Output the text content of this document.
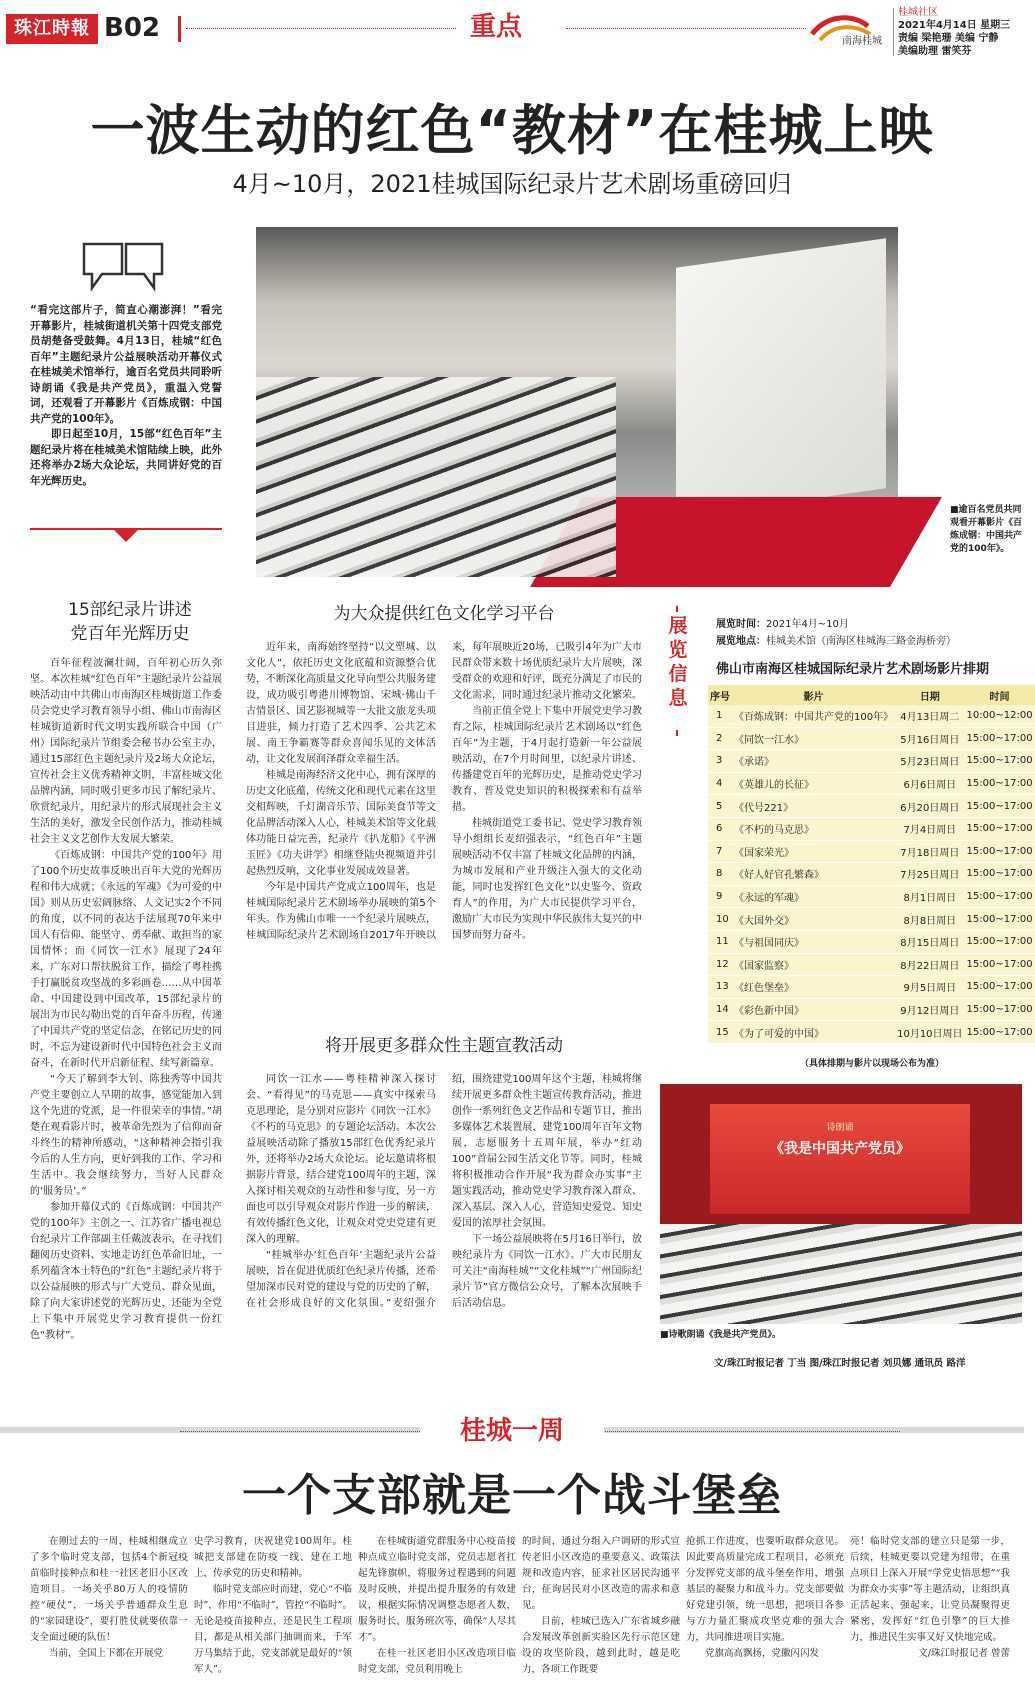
珠江時報 B02	重点	南海桂城
桂城社区
2021年4月14日 星期三
责编 梁艳珊 美编 宁静
美编助理 雷笑芬
一波生动的红色“教材”在桂城上映
4月~10月，2021桂城国际纪录片艺术剧场重磅回归
“看完这部片子，简直心潮澎湃！”看完开幕影片，桂城街道机关第十四党支部党员胡楚备受鼓舞。4月13日，桂城“红色百年”主题纪录片公益展映活动开幕仪式在桂城美术馆举行，逾百名党员共同聆听诗朗诵《我是共产党员》，重温入党誓词，还观看了开幕影片《百炼成钢：中国共产党的100年》。
即日起至10月，15部“红色百年”主题纪录片将在桂城美术馆陆续上映，此外还将举办2场大众论坛，共同讲好党的百年光辉历史。
■逾百名党员共同观看开幕影片《百炼成钢：中国共产党的100年》。
15部纪录片讲述
党百年光辉历史

百年征程波澜壮阔，百年初心历久弥坚。本次桂城“红色百年”主题纪录片公益展映活动由中共佛山市南海区桂城街道工作委员会党史学习教育领导小组、佛山市南海区桂城街道新时代文明实践所联合中国（广州）国际纪录片节组委会秘书办公室主办，通过15部红色主题纪录片及2场大众论坛，宣传社会主义优秀精神文明，丰富桂城文化品牌内涵，同时吸引更多市民了解纪录片、欣赏纪录片，用纪录片的形式展现社会主义生活的美好，激发全民创作活力，推动桂城社会主义文艺创作大发展大繁荣。

《百炼成钢：中国共产党的100年》用了100个历史故事反映出百年大党的光辉历程和伟大成就；《永远的军魂》《为可爱的中国》则从历史宏阔脉络、人文记实2个不同的角度，以不同的表达手法展现70年来中国人有信仰、能坚守、勇奉献、敢担当的家国情怀；而《同饮一江水》展现了24年来，广东对口帮扶脱贫工作，描绘了粤桂携手打赢脱贫攻坚战的多彩画卷……从中国革命、中国建设到中国改革，15部纪录片的展出为市民勾勒出党的百年奋斗历程，传递了中国共产党的坚定信念，在铭记历史的同时，不忘为建设新时代中国特色社会主义而奋斗，在新时代开启新征程、续写新篇章。

“今天了解到李大钊、陈独秀等中国共产党主要创立人早期的故事，感觉能加入到这个先进的党派，是一件很荣幸的事情。”胡楚在观看影片时，被革命先烈为了信仰而奋斗终生的精神所感动，“这种精神会指引我今后的人生方向，更好到我的工作、学习和生活中。我会继续努力，当好人民群众的‘服务员’。”

参加开幕仪式的《百炼成钢：中国共产党的100年》主创之一、江苏省广播电视总台纪录片工作部副主任戴波表示，在寻找们翻阅历史资料、实地走访红色革命旧址，一系列蕴含本土特色的“红色”主题纪录片将于以公益展映的形式与广大党员、群众见面，除了向大家讲述党的光辉历史，还能为全党上下集中开展党史学习教育提供一份红色“教材”。

为大众提供红色文化学习平台

近年来，南海始终坚持“以文塑城、以文化人”，依托历史文化底蕴和资源整合优势，不断深化高质量文化导向型公共服务建设，成功吸引粤港川博物馆、宋城·佛山千古情景区、国艺影视城等一大批文旅龙头项目进驻，倾力打造了艺术四季、公共艺术展、南王争霸赛等群众喜闻乐见的文体活动，让文化发展润泽群众幸福生活。

桂城是南海经济文化中心，拥有深厚的历史文化底蕴，传统文化和现代元素在这里交相辉映，千灯湖音乐节、国际美食节等文化品牌活动深入人心，桂城美术馆等文化载体功能日益完善，纪录片《扒龙船》《平洲玉匠》《功夫讲学》相继登陆央视频道并引起热烈反响，文化事业发展成效显著。

今年是中国共产党成立100周年，也是桂城国际纪录片艺术剧场举办展映的第5个年头。作为佛山市唯一一个纪录片展映点，桂城国际纪录片艺术剧场自2017年开映以来，每年展映近20场，已吸引4年为广大市民群众带来数十场优质纪录片大片展映，深受群众的欢迎和好评，既充分满足了市民的文化需求，同时通过纪录片推动文化繁荣。

当前正值全党上下集中开展党史学习教育之际，桂城国际纪录片艺术剧场以“红色百年”为主题，于4月起打造新一年公益展映活动，在7个月时间里，以纪录片讲述、传播建党百年的光辉历史，是推动党史学习教育、普及党史知识的积极探索和有益举措。

桂城街道党工委书记、党史学习教育领导小组组长麦绍强表示，“红色百年”主题展映活动不仅丰富了桂城文化品牌的内涵，为城市发展和产业升级注入强大的文化动能，同时也发挥红色文化“以史鉴今、资政育人”的作用，为广大市民提供学习平台，激励广大市民为实现中华民族伟大复兴的中国梦而努力奋斗。

将开展更多群众性主题宣教活动

同饮一江水——粤桂精神深入探讨会、“看得见”的马克思——真实中探索马克思理论，是分别对应影片《同饮一江水》《不朽的马克思》的专题论坛活动。本次公益展映活动除了播放15部红色优秀纪录片外，还将举办2场大众论坛。论坛邀请将根据影片背景，结合建党100周年的主题，深入探讨相关观众的互动性和参与度，另一方面也可以引导观众对影片作进一步的解读，有效传播红色文化，让观众对党史党建有更深入的理解。

“桂城举办‘红色百年’主题纪录片公益展映，旨在促进优质红色纪录片传播，还希望加深市民对党的建设与党的历史的了解，在社会形成良好的文化氛围。”麦绍强介绍，围绕建党100周年这个主题，桂城将继续开展更多群众性主题宣传教育活动，推进创作一系列红色文艺作品和专题节目，推出多媒体艺术装置展，建党100周年百年文物展，志愿服务十五周年展，举办“红动100”首届公园生活文化节等。同时，桂城将积极推动合作开展“我为群众办实事”主题实践活动，推动党史学习教育深入群众、深入基层、深入人心，营造知史爱党、知史爱国的浓厚社会氛围。

下一场公益展映将在5月16日举行，放映纪录片为《同饮一江水》。广大市民朋友可关注“南海桂城”“文化桂城”“广州国际纪录片节”官方微信公众号，了解本次展映手后活动信息。

展览信息
展览时间：2021年4月~10月
展览地点：桂城美术馆（南海区桂城海三路金海桥旁）
佛山市南海区桂城国际纪录片艺术剧场影片排期
序号	影片	日期	时间
1	《百炼成钢：中国共产党的100年》	4月13日周二	10:00~12:00
2	《同饮一江水》	5月16日周日	15:00~17:00
3	《承诺》	5月23日周日	15:00~17:00
4	《英雄儿的长征》	6月6日周日	15:00~17:00
5	《代号221》	6月20日周日	15:00~17:00
6	《不朽的马克思》	7月4日周日	15:00~17:00
7	《国家荣光》	7月18日周日	15:00~17:00
8	《好人好官孔繁森》	7月25日周日	15:00~17:00
9	《永远的军魂》	8月1日周日	15:00~17:00
10	《大国外交》	8月8日周日	15:00~17:00
11	《与祖国同庆》	8月15日周日	15:00~17:00
12	《国家监察》	8月22日周日	15:00~17:00
13	《红色堡垒》	9月5日周日	15:00~17:00
14	《彩色新中国》	9月12日周日	15:00~17:00
15	《为了可爱的中国》	10月10日周日	15:00~17:00
（具体排期与影片以现场公布为准）
诗朗诵
《我是中国共产党员》
■诗歌朗诵《我是共产党员》。
文/珠江时报记者 丁当 图/珠江时报记者 刘贝娜 通讯员 路洋
桂城一周
一个支部就是一个战斗堡垒

在刚过去的一周，桂城相继成立了多个临时党支部，包括4个新冠疫苗临时接种点和桂一社区老旧小区改造项目。一场关乎80万人的疫情防控“硬仗”，一场关乎普通群众生息的“家园建设”，要打胜仗就要依靠一支全面过硬的队伍！

当前，全国上下都在开展党

史学习教育，庆祝建党100周年。桂城把支部建在防疫一线、建在工地上，传承党的历史和精神。

临时党支部应时而建，党心“不临时”，作用“不临时”，管控“不临时”。无论是疫苗接种点，还是民生工程项目，都是从相关部门抽调而来，千军万马集结于此，党支部就是最好的“领军人”。

在桂城街道党群服务中心疫苗接种点成立临时党支部，党员志愿者扛起先锋旗帜，将服务过程遇到的问题及时反映，并提出提升服务的有效建议，根据实际情况调整志愿者人数，服务时长、服务班次等，确保“人尽其才”。

在桂一社区老旧小区改造项目临时党支部，党员利用晚上

的时间，通过分组入户调研的形式宣传老旧小区改造的重要意义、政策法规和改造内容，征求社区居民沟通平台，征询居民对小区改造的需求和意见。

目前，桂城已选入广东省城乡融合发展改革创新实验区先行示范区建设的攻坚阶段，越到此时，越是吃力，各项工作既要

抢抓工作进度，也要听取群众意见。因此要高质量完成工程项目，必须充分发挥党支部的战斗堡垒作用，增强基层的凝聚力和战斗力。党支部要做好党建引领，统一思想，把项目各参与方力量汇聚成攻坚克难的强大合力，共同推进项目实施。

党旗高高飘扬，党徽闪闪发

亮！临时党支部的建立只是第一步，后续，桂城更要以党建为纽带，在重点项目上深入开展“学党史悟思想”“我为群众办实事”等主题活动，让组织真正活起来、强起来，让党员凝聚得更紧密，发挥好“红色引擎”的巨大推力，推进民生实事又好又快地完成。

文/珠江时报记者 曾蕾
